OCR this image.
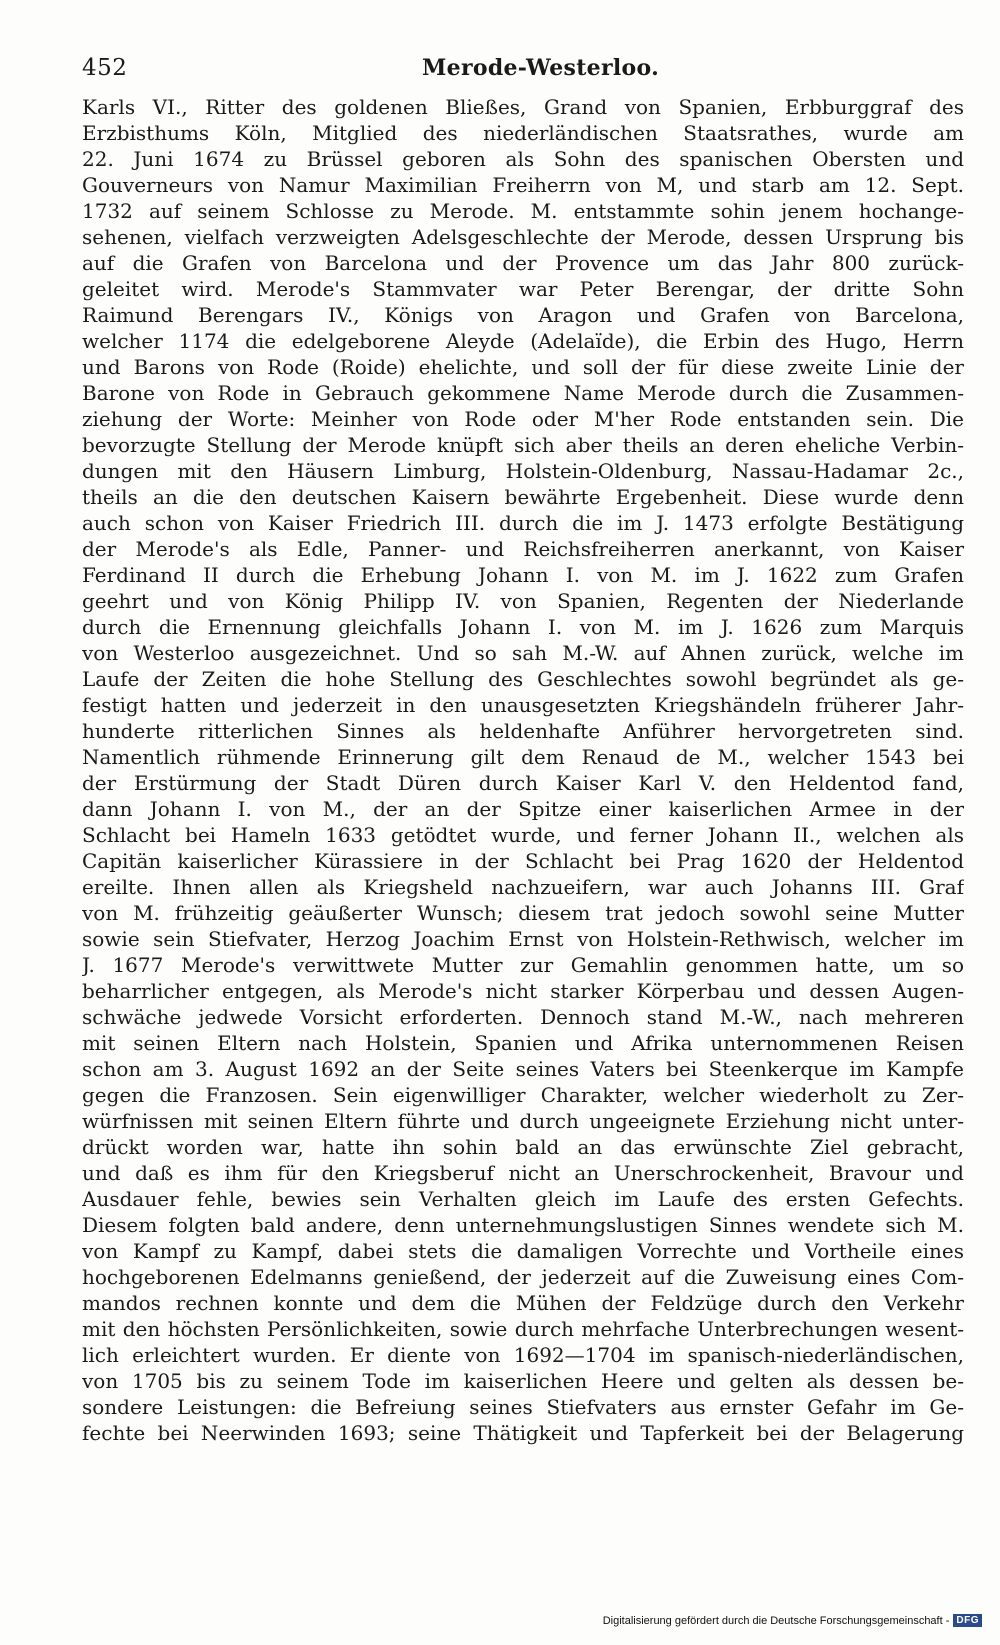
452	Merode-Westerloo.
Karls VI., Ritter des goldenen Bließes, Grand von Spanien, Erbburggraf des
Erzbisthums Köln, Mitglied des niederländischen Staatsrathes, wurde am
22. Juni 1674 zu Brüssel geboren als Sohn des spanischen Obersten und
Gouverneurs von Namur Maximilian Freiherrn von M, und starb am 12. Sept.
1732 auf seinem Schlosse zu Merode. M. entstammte sohin jenem hochange-
sehenen, vielfach verzweigten Adelsgeschlechte der Merode, dessen Ursprung bis
auf die Grafen von Barcelona und der Provence um das Jahr 800 zurück-
geleitet wird. Merode's Stammvater war Peter Berengar, der dritte Sohn
Raimund Berengars IV., Königs von Aragon und Grafen von Barcelona,
welcher 1174 die edelgeborene Aleyde (Adelaïde), die Erbin des Hugo, Herrn
und Barons von Rode (Roide) ehelichte, und soll der für diese zweite Linie der
Barone von Rode in Gebrauch gekommene Name Merode durch die Zusammen-
ziehung der Worte: Meinher von Rode oder M'her Rode entstanden sein. Die
bevorzugte Stellung der Merode knüpft sich aber theils an deren eheliche Verbin-
dungen mit den Häusern Limburg, Holstein-Oldenburg, Nassau-Hadamar 2c.,
theils an die den deutschen Kaisern bewährte Ergebenheit. Diese wurde denn
auch schon von Kaiser Friedrich III. durch die im J. 1473 erfolgte Bestätigung
der Merode's als Edle, Panner- und Reichsfreiherren anerkannt, von Kaiser
Ferdinand II durch die Erhebung Johann I. von M. im J. 1622 zum Grafen
geehrt und von König Philipp IV. von Spanien, Regenten der Niederlande
durch die Ernennung gleichfalls Johann I. von M. im J. 1626 zum Marquis
von Westerloo ausgezeichnet. Und so sah M.-W. auf Ahnen zurück, welche im
Laufe der Zeiten die hohe Stellung des Geschlechtes sowohl begründet als ge-
festigt hatten und jederzeit in den unausgesetzten Kriegshändeln früherer Jahr-
hunderte ritterlichen Sinnes als heldenhafte Anführer hervorgetreten sind.
Namentlich rühmende Erinnerung gilt dem Renaud de M., welcher 1543 bei
der Erstürmung der Stadt Düren durch Kaiser Karl V. den Heldentod fand,
dann Johann I. von M., der an der Spitze einer kaiserlichen Armee in der
Schlacht bei Hameln 1633 getödtet wurde, und ferner Johann II., welchen als
Capitän kaiserlicher Kürassiere in der Schlacht bei Prag 1620 der Heldentod
ereilte. Ihnen allen als Kriegsheld nachzueifern, war auch Johanns III. Graf
von M. frühzeitig geäußerter Wunsch; diesem trat jedoch sowohl seine Mutter
sowie sein Stiefvater, Herzog Joachim Ernst von Holstein-Rethwisch, welcher im
J. 1677 Merode's verwittwete Mutter zur Gemahlin genommen hatte, um so
beharrlicher entgegen, als Merode's nicht starker Körperbau und dessen Augen-
schwäche jedwede Vorsicht erforderten. Dennoch stand M.-W., nach mehreren
mit seinen Eltern nach Holstein, Spanien und Afrika unternommenen Reisen
schon am 3. August 1692 an der Seite seines Vaters bei Steenkerque im Kampfe
gegen die Franzosen. Sein eigenwilliger Charakter, welcher wiederholt zu Zer-
würfnissen mit seinen Eltern führte und durch ungeeignete Erziehung nicht unter-
drückt worden war, hatte ihn sohin bald an das erwünschte Ziel gebracht,
und daß es ihm für den Kriegsberuf nicht an Unerschrockenheit, Bravour und
Ausdauer fehle, bewies sein Verhalten gleich im Laufe des ersten Gefechts.
Diesem folgten bald andere, denn unternehmungslustigen Sinnes wendete sich M.
von Kampf zu Kampf, dabei stets die damaligen Vorrechte und Vortheile eines
hochgeborenen Edelmanns genießend, der jederzeit auf die Zuweisung eines Com-
mandos rechnen konnte und dem die Mühen der Feldzüge durch den Verkehr
mit den höchsten Persönlichkeiten, sowie durch mehrfache Unterbrechungen wesent-
lich erleichtert wurden. Er diente von 1692—1704 im spanisch-niederländischen,
von 1705 bis zu seinem Tode im kaiserlichen Heere und gelten als dessen be-
sondere Leistungen: die Befreiung seines Stiefvaters aus ernster Gefahr im Ge-
fechte bei Neerwinden 1693; seine Thätigkeit und Tapferkeit bei der Belagerung
Digitalisierung gefördert durch die Deutsche Forschungsgemeinschaft - DFG
